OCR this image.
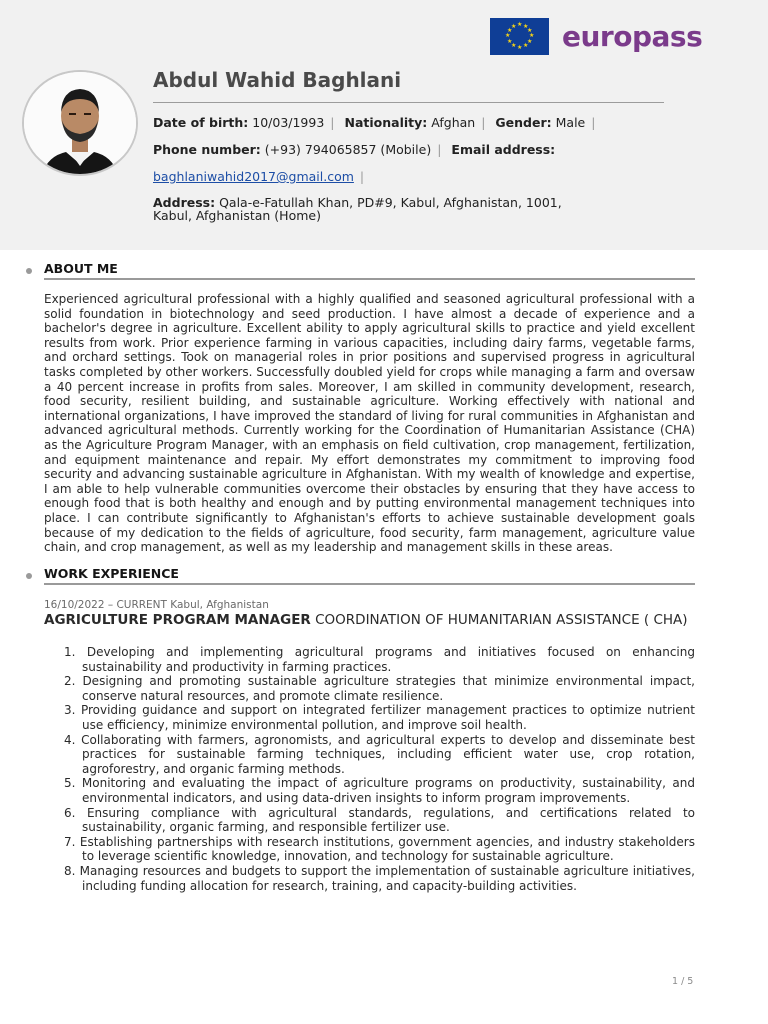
★ ★
★
★
★
★
★
★
★
★
★
★ europass
Abdul Wahid Baghlani
Date of birth: 10/03/1993 | Nationality: Afghan | Gender: Male |
Phone number: (+93) 794065857 (Mobile) | Email address:
baghlaniwahid2017@gmail.com |
Address: Qala-e-Fatullah Khan, PD#9, Kabul, Afghanistan, 1001, Kabul, Afghanistan (Home)
ABOUT ME

Experienced agricultural professional with a highly qualified and seasoned agricultural professional with a solid foundation in biotechnology and seed production. I have almost a decade of experience and a bachelor's degree in agriculture. Excellent ability to apply agricultural skills to practice and yield excellent results from work. Prior experience farming in various capacities, including dairy farms, vegetable farms, and orchard settings. Took on managerial roles in prior positions and supervised progress in agricultural tasks completed by other workers. Successfully doubled yield for crops while managing a farm and oversaw a 40 percent increase in profits from sales. Moreover, I am skilled in community development, research, food security, resilient building, and sustainable agriculture. Working effectively with national and international organizations, I have improved the standard of living for rural communities in Afghanistan and advanced agricultural methods. Currently working for the Coordination of Humanitarian Assistance (CHA) as the Agriculture Program Manager, with an emphasis on field cultivation, crop management, fertilization, and equipment maintenance and repair. My effort demonstrates my commitment to improving food security and advancing sustainable agriculture in Afghanistan. With my wealth of knowledge and expertise, I am able to help vulnerable communities overcome their obstacles by ensuring that they have access to enough food that is both healthy and enough and by putting environmental management techniques into place. I can contribute significantly to Afghanistan's efforts to achieve sustainable development goals because of my dedication to the fields of agriculture, food security, farm management, agriculture value chain, and crop management, as well as my leadership and management skills in these areas.

WORK EXPERIENCE
16/10/2022 – CURRENT Kabul, Afghanistan
AGRICULTURE PROGRAM MANAGER COORDINATION OF HUMANITARIAN ASSISTANCE ( CHA)
1. Developing and implementing agricultural programs and initiatives focused on enhancing sustainability and productivity in farming practices.
2. Designing and promoting sustainable agriculture strategies that minimize environmental impact, conserve natural resources, and promote climate resilience.
3. Providing guidance and support on integrated fertilizer management practices to optimize nutrient use efficiency, minimize environmental pollution, and improve soil health.
4. Collaborating with farmers, agronomists, and agricultural experts to develop and disseminate best practices for sustainable farming techniques, including efficient water use, crop rotation, agroforestry, and organic farming methods.
5. Monitoring and evaluating the impact of agriculture programs on productivity, sustainability, and environmental indicators, and using data-driven insights to inform program improvements.
6. Ensuring compliance with agricultural standards, regulations, and certifications related to sustainability, organic farming, and responsible fertilizer use.
7. Establishing partnerships with research institutions, government agencies, and industry stakeholders to leverage scientific knowledge, innovation, and technology for sustainable agriculture.
8. Managing resources and budgets to support the implementation of sustainable agriculture initiatives, including funding allocation for research, training, and capacity-building activities.
1 / 5
